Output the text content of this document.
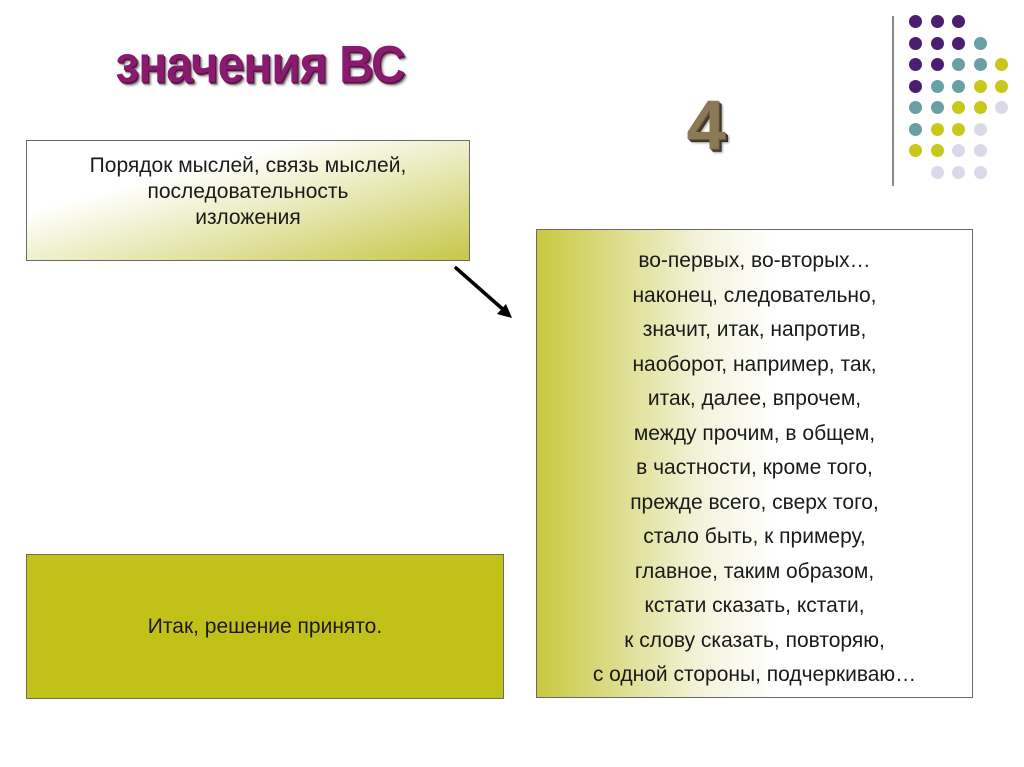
значения ВС
4
Порядок мыслей, связь мыслей,
последовательность
изложения
во-первых, во-вторых…
наконец, следовательно,
значит, итак, напротив,
наоборот, например, так,
итак, далее, впрочем,
между прочим, в общем,
в частности, кроме того,
прежде всего, сверх того,
стало быть, к примеру,
главное, таким образом,
кстати сказать, кстати,
к слову сказать, повторяю,
с одной стороны, подчеркиваю…
Итак, решение принято.
